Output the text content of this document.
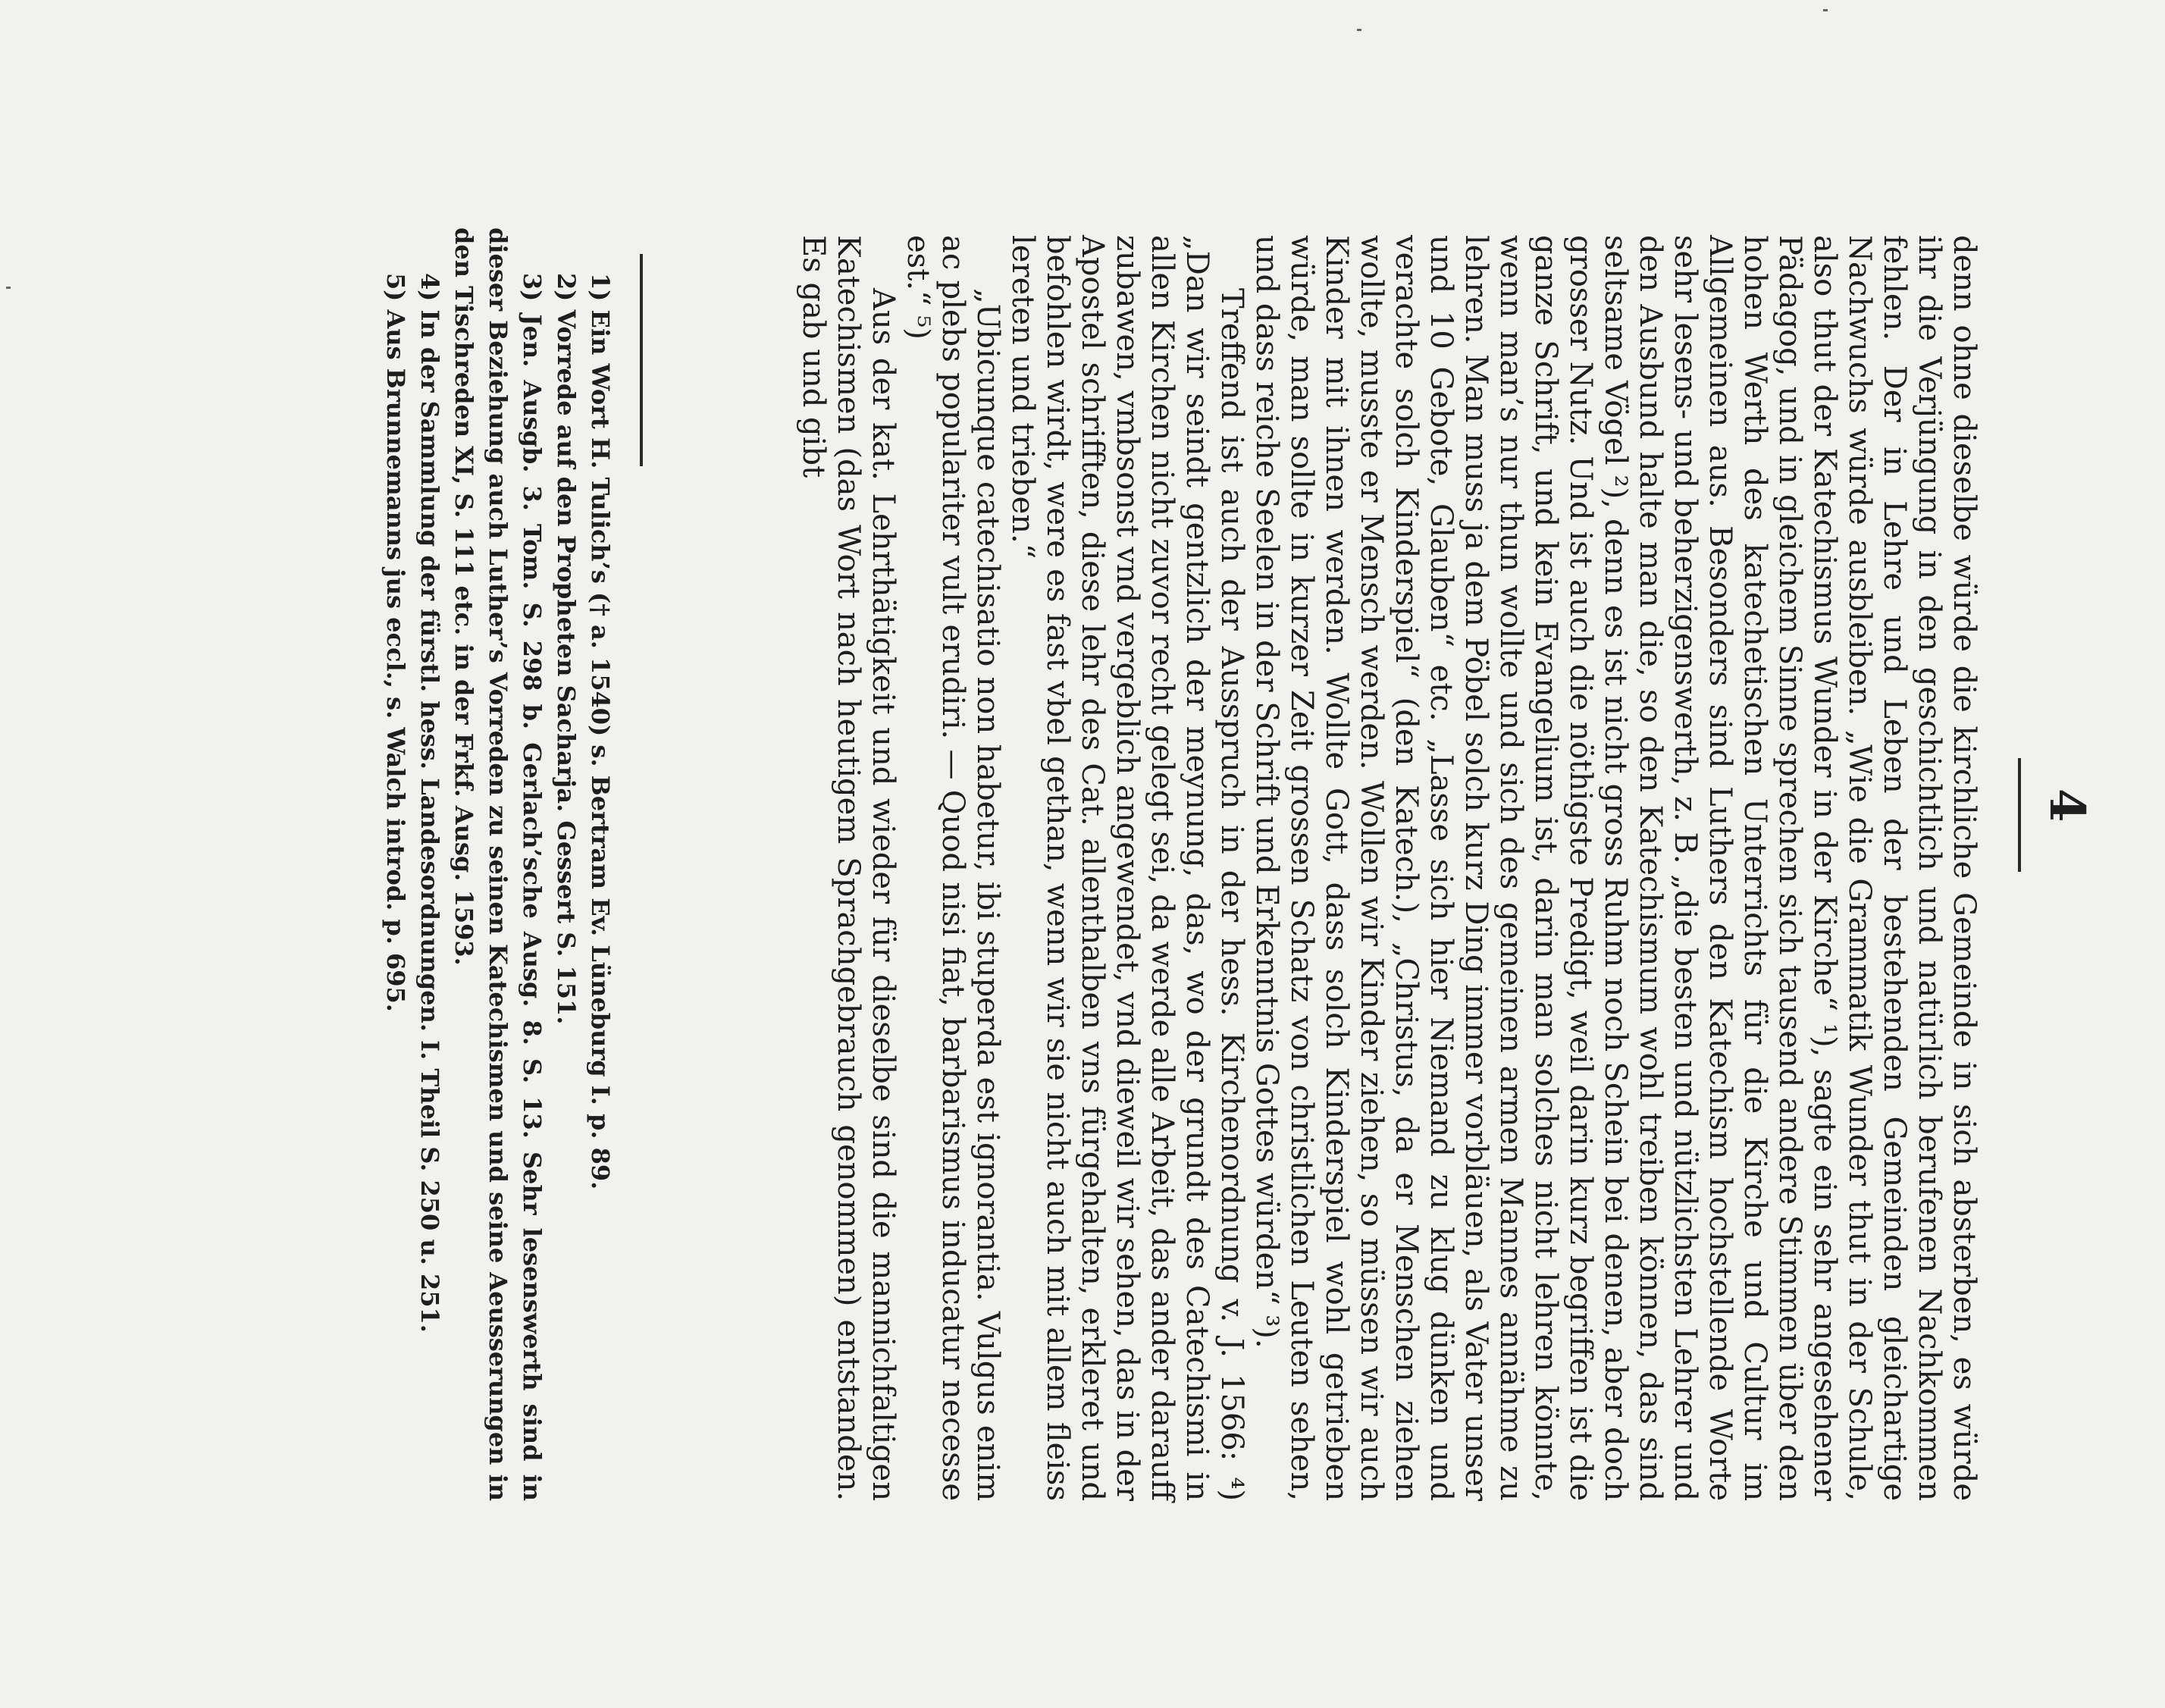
4

denn ohne dieselbe würde die kirchliche Gemeinde in sich absterben, es würde ihr die Verjüngung in den geschichtlich und natürlich berufenen Nachkommen fehlen. Der in Lehre und Leben der bestehenden Gemeinden gleichartige Nachwuchs würde ausbleiben. „Wie die Grammatik Wunder thut in der Schule, also thut der Katechismus Wunder in der Kirche“ ¹), sagte ein sehr angesehener Pädagog, und in gleichem Sinne sprechen sich tausend andere Stimmen über den hohen Werth des katechetischen Unterrichts für die Kirche und Cultur im Allgemeinen aus. Besonders sind Luthers den Katechism hochstellende Worte sehr lesens- und beherzigenswerth, z. B. „die besten und nützlichsten Lehrer und den Ausbund halte man die, so den Katechismum wohl treiben können, das sind seltsame Vögel ²), denn es ist nicht gross Ruhm noch Schein bei denen, aber doch grosser Nutz. Und ist auch die nöthigste Predigt, weil darin kurz begriffen ist die ganze Schrift, und kein Evangelium ist, darin man solches nicht lehren könnte, wenn man’s nur thun wollte und sich des gemeinen armen Mannes annähme zu lehren. Man muss ja dem Pöbel solch kurz Ding immer vorbläuen, als Vater unser und 10 Gebote, Glauben“ etc. „Lasse sich hier Niemand zu klug dünken und verachte solch Kinderspiel“ (den Katech.), „Christus, da er Menschen ziehen wollte, musste er Mensch werden. Wollen wir Kinder ziehen, so müssen wir auch Kinder mit ihnen werden. Wollte Gott, dass solch Kinderspiel wohl getrieben würde, man sollte in kurzer Zeit grossen Schatz von christlichen Leuten sehen, und dass reiche Seelen in der Schrift und Erkenntnis Gottes würden“ ³).

Treffend ist auch der Ausspruch in der hess. Kirchenordnung v. J. 1566: ⁴) „Dan wir seindt gentzlich der meynung, das, wo der grundt des Catechismi in allen Kirchen nicht zuvor recht gelegt sei, da werde alle Arbeit, das ander darauff zubawen, vmbsonst vnd vergeblich angewendet, vnd dieweil wir sehen, das in der Apostel schrifften, diese lehr des Cat. allenthalben vns fürgehalten, erkleret und befohlen wirdt, were es fast vbel gethan, wenn wir sie nicht auch mit allem fleiss lereten und trieben.“

„Ubicunque catechisatio non habetur, ibi stuperda est ignorantia. Vulgus enim ac plebs populariter vult erudiri. — Quod nisi fiat, barbarismus inducatur necesse est.“ ⁵)

Aus der kat. Lehrthätigkeit und wieder für dieselbe sind die mannichfaltigen Katechismen (das Wort nach heutigem Sprachgebrauch genommen) entstanden. Es gab und gibt

1) Ein Wort H. Tulich’s († a. 1540) s. Bertram Ev. Lüneburg I. p. 89.

2) Vorrede auf den Propheten Sacharja. Gessert S. 151.

3) Jen. Ausgb. 3. Tom. S. 298 b. Gerlach’sche Ausg. 8. S. 13. Sehr lesenswerth sind in dieser Beziehung auch Luther’s Vorreden zu seinen Katechismen und seine Aeusserungen in den Tischreden XI, S. 111 etc. in der Frkf. Ausg. 1593.

4) In der Sammlung der fürstl. hess. Landesordnungen. I. Theil S. 250 u. 251.

5) Aus Brunnemanns jus eccl., s. Walch introd. p. 695.
